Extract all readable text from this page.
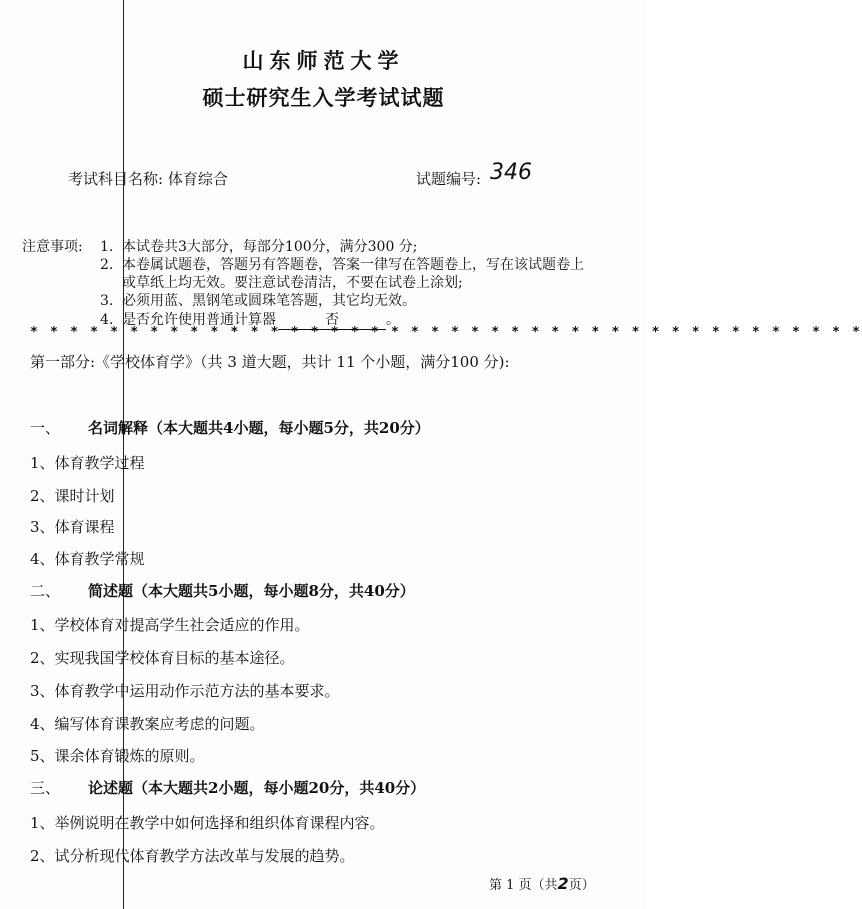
山东师范大学
硕士研究生入学考试试题
考试科目名称: 体育综合	试题编号: 346
注意事项: 1. 本试卷共3大部分，每部分100分，满分300 分;
2. 本卷属试题卷，答题另有答题卷，答案一律写在答题卷上，写在该试题卷上
或草纸上均无效。要注意试卷清洁，不要在试卷上涂划;
3. 必须用蓝、黑钢笔或圆珠笔答题，其它均无效。
4. 是否允许使用普通计算器	否	。
* * * * * * * * * * * * * * * * * * * * * * * * * * * * * * * * * * * * * * * * * *
第一部分:《学校体育学》（共 3 道大题，共计 11 个小题，满分100 分):
一、 名词解释（本大题共4小题，每小题5分，共20分）
1、体育教学过程
2、课时计划
3、体育课程
4、体育教学常规
二、 简述题（本大题共5小题，每小题8分，共40分）
1、学校体育对提高学生社会适应的作用。
2、实现我国学校体育目标的基本途径。
3、体育教学中运用动作示范方法的基本要求。
4、编写体育课教案应考虑的问题。
5、课余体育锻炼的原则。
三、 论述题（本大题共2小题，每小题20分，共40分）
1、举例说明在教学中如何选择和组织体育课程内容。
2、试分析现代体育教学方法改革与发展的趋势。
第 1 页（共2页）
